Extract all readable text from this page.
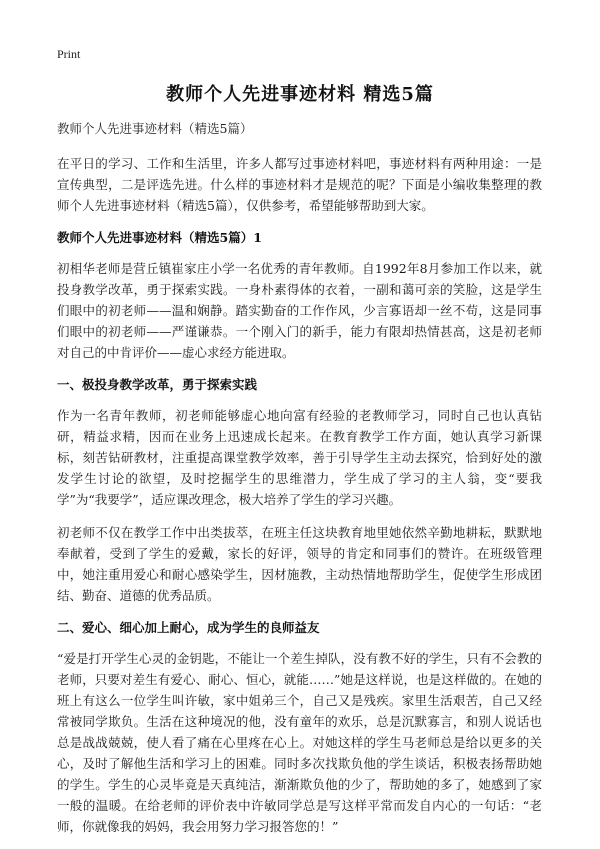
Print
教师个人先进事迹材料 精选5篇

教师个人先进事迹材料（精选5篇）

在平日的学习、工作和生活里，许多人都写过事迹材料吧，事迹材料有两种用途：一是宣传典型，二是评选先进。什么样的事迹材料才是规范的呢？下面是小编收集整理的教师个人先进事迹材料（精选5篇），仅供参考，希望能够帮助到大家。

教师个人先进事迹材料（精选5篇）1

初相华老师是营丘镇崔家庄小学一名优秀的青年教师。自1992年8月参加工作以来，就投身教学改革，勇于探索实践。一身朴素得体的衣着，一副和蔼可亲的笑脸，这是学生们眼中的初老师——温和娴静。踏实勤奋的工作作风，少言寡语却一丝不苟，这是同事们眼中的初老师——严谨谦恭。一个刚入门的新手，能力有限却热情甚高，这是初老师对自己的中肯评价——虚心求经方能进取。

一、极投身教学改革，勇于探索实践

作为一名青年教师，初老师能够虚心地向富有经验的老教师学习，同时自己也认真钻研，精益求精，因而在业务上迅速成长起来。在教育教学工作方面，她认真学习新课标，刻苦钻研教材，注重提高课堂教学效率，善于引导学生主动去探究，恰到好处的激发学生讨论的欲望，及时挖掘学生的思维潜力，学生成了学习的主人翁，变“要我学”为“我要学”，适应课改理念，极大培养了学生的学习兴趣。

初老师不仅在教学工作中出类拔萃，在班主任这块教育地里她依然辛勤地耕耘，默默地奉献着，受到了学生的爱戴，家长的好评，领导的肯定和同事们的赞许。在班级管理中，她注重用爱心和耐心感染学生，因材施教，主动热情地帮助学生，促使学生形成团结、勤奋、道德的优秀品质。

二、爱心、细心加上耐心，成为学生的良师益友

“爱是打开学生心灵的金钥匙，不能让一个差生掉队，没有教不好的学生，只有不会教的老师，只要对差生有爱心、耐心、恒心，就能……”她是这样说，也是这样做的。在她的班上有这么一位学生叫许敏，家中姐弟三个，自己又是残疾。家里生活艰苦，自己又经常被同学欺负。生活在这种境况的他，没有童年的欢乐，总是沉默寡言，和别人说话也总是战战兢兢，使人看了痛在心里疼在心上。对她这样的学生马老师总是给以更多的关心，及时了解他生活和学习上的困难。同时多次找欺负他的学生谈话，积极表扬帮助她的学生。学生的心灵毕竟是天真纯洁，渐渐欺负他的少了，帮助她的多了，她感到了家一般的温暖。在给老师的评价表中许敏同学总是写这样平常而发自内心的一句话：“老师，你就像我的妈妈，我会用努力学习报答您的！”
